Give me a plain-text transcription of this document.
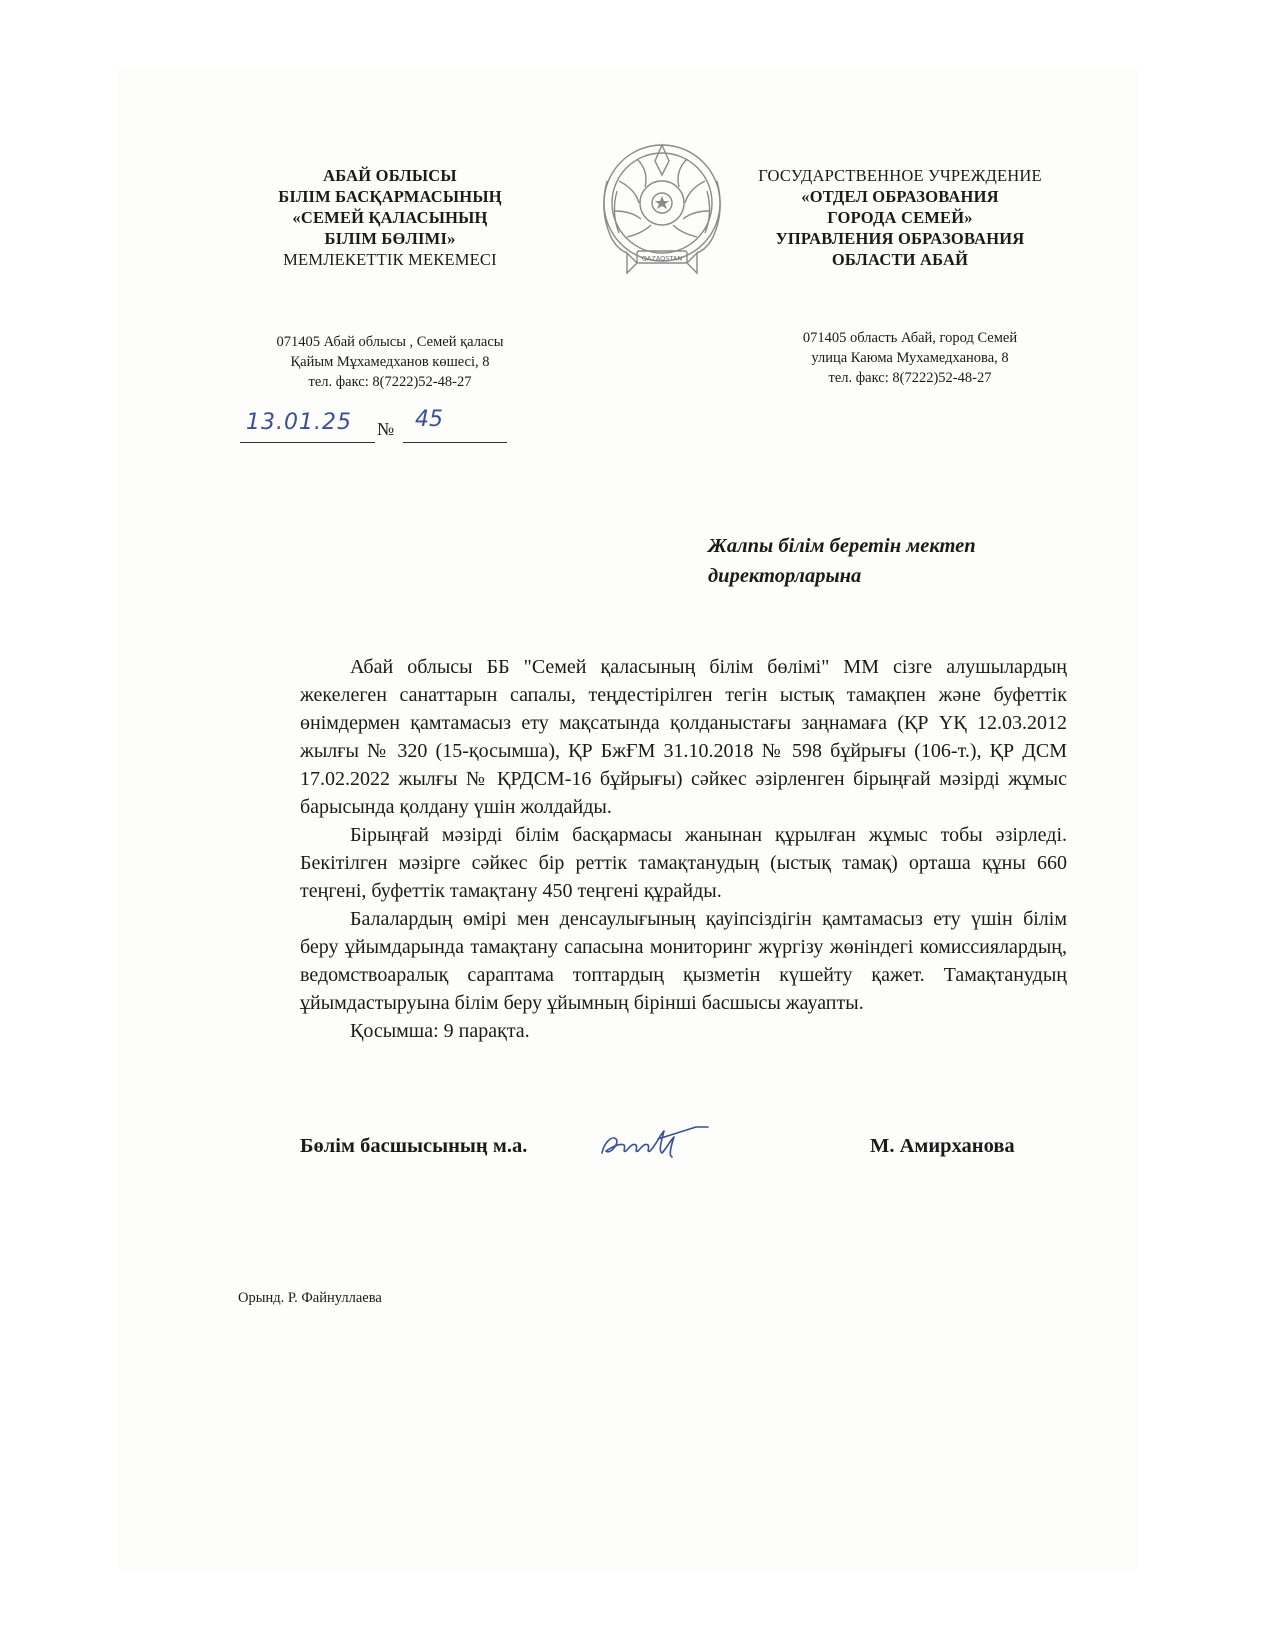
АБАЙ ОБЛЫСЫ
БІЛІМ БАСҚАРМАСЫНЫҢ
«СЕМЕЙ ҚАЛАСЫНЫҢ
БІЛІМ БӨЛІМІ»
МЕМЛЕКЕТТІК МЕКЕМЕСІ	QAZAQSTAN
ГОСУДАРСТВЕННОЕ УЧРЕЖДЕНИЕ
«ОТДЕЛ ОБРАЗОВАНИЯ
ГОРОДА СЕМЕЙ»
УПРАВЛЕНИЯ ОБРАЗОВАНИЯ
ОБЛАСТИ АБАЙ
071405 Абай облысы , Семей қаласы
Қайым Мұхамедханов көшесі, 8
тел. факс: 8(7222)52-48-27
071405 область Абай, город Семей
улица Каюма Мухамедханова, 8
тел. факс: 8(7222)52-48-27
13.01.25 № 45
Жалпы білім беретін мектеп
директорларына

Абай облысы ББ "Семей қаласының білім бөлімі" ММ сізге алушылардың жекелеген санаттарын сапалы, теңдестірілген тегін ыстық тамақпен және буфеттік өнімдермен қамтамасыз ету мақсатында қолданыстағы заңнамаға (ҚР ҮҚ 12.03.2012 жылғы № 320 (15-қосымша), ҚР БжҒМ 31.10.2018 № 598 бұйрығы (106-т.), ҚР ДСМ 17.02.2022 жылғы № ҚРДСМ-16 бұйрығы) сәйкес әзірленген бірыңғай мәзірді жұмыс барысында қолдану үшін жолдайды.

Бірыңғай мәзірді білім басқармасы жанынан құрылған жұмыс тобы әзірледі. Бекітілген мәзірге сәйкес бір реттік тамақтанудың (ыстық тамақ) орташа құны 660 теңгені, буфеттік тамақтану 450 теңгені құрайды.

Балалардың өмірі мен денсаулығының қауіпсіздігін қамтамасыз ету үшін білім беру ұйымдарында тамақтану сапасына мониторинг жүргізу жөніндегі комиссиялардың, ведомствоаралық сараптама топтардың қызметін күшейту қажет. Тамақтанудың ұйымдастыруына білім беру ұйымның бірінші басшысы жауапты.

Қосымша: 9 парақта.

Бөлім басшысының м.а.	М. Амирханова
Орынд. Р. Файнуллаева
